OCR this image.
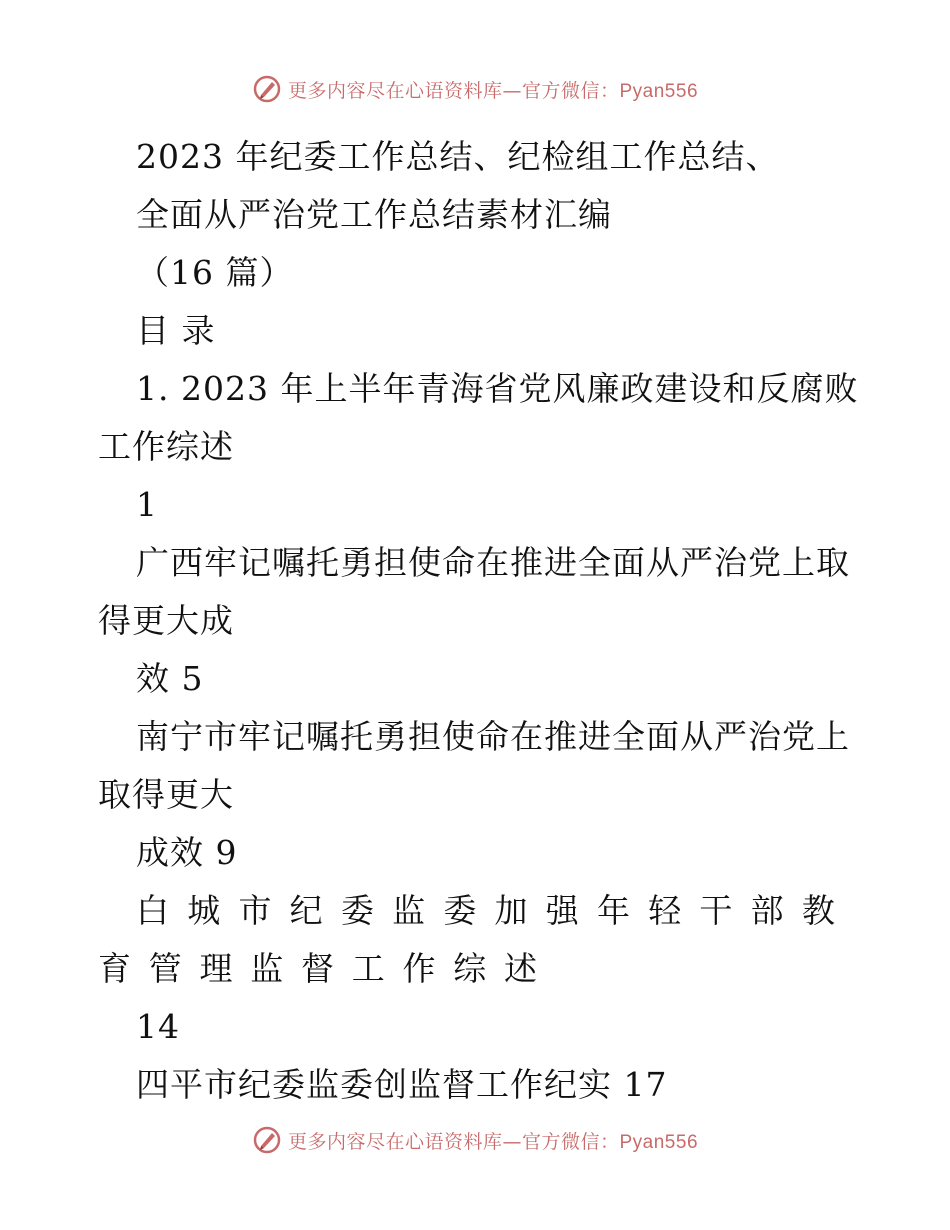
更多内容尽在心语资料库—官方微信：Pyan556
2023 年纪委工作总结、纪检组工作总结、
全面从严治党工作总结素材汇编
（16 篇）
目 录
1. 2023 年上半年青海省党风廉政建设和反腐败
工作综述
1
广西牢记嘱托勇担使命在推进全面从严治党上取
得更大成
效 5
南宁市牢记嘱托勇担使命在推进全面从严治党上
取得更大
成效 9
白 城 市 纪 委 监 委 加 强 年 轻 干 部 教
育 管 理 监 督 工 作 综 述
14
四平市纪委监委创监督工作纪实 17
更多内容尽在心语资料库—官方微信：Pyan556
